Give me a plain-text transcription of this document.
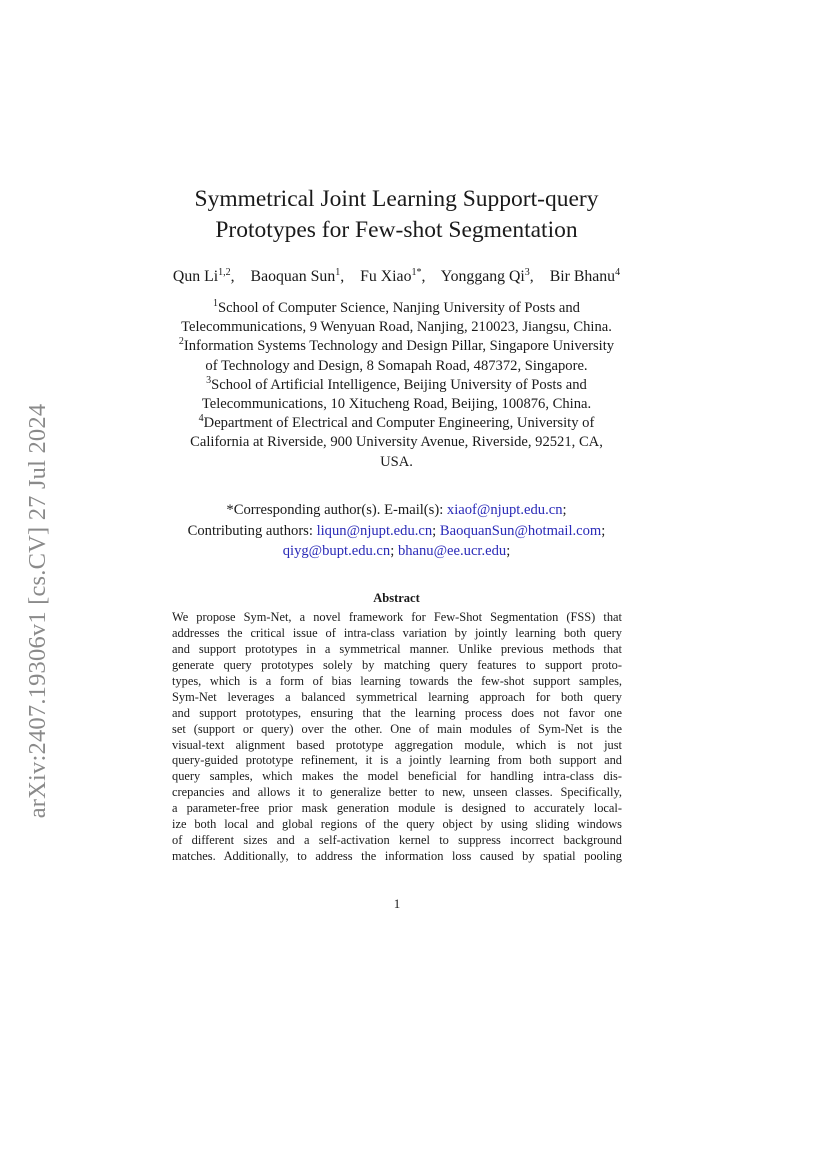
arXiv:2407.19306v1 [cs.CV] 27 Jul 2024
Symmetrical Joint Learning Support-query
Prototypes for Few-shot Segmentation
Qun Li$^{1,2}$, Baoquan Sun$^1$, Fu Xiao$^{1*}$, Yonggang Qi$^3$, Bir Bhanu$^4$
$^1$School of Computer Science, Nanjing University of Posts and
Telecommunications, 9 Wenyuan Road, Nanjing, 210023, Jiangsu, China.
$^2$Information Systems Technology and Design Pillar, Singapore University
of Technology and Design, 8 Somapah Road, 487372, Singapore.
$^3$School of Artificial Intelligence, Beijing University of Posts and
Telecommunications, 10 Xitucheng Road, Beijing, 100876, China.
$^4$Department of Electrical and Computer Engineering, University of
California at Riverside, 900 University Avenue, Riverside, 92521, CA,
USA.
*Corresponding author(s). E-mail(s): xiaof@njupt.edu.cn;
Contributing authors: liqun@njupt.edu.cn; BaoquanSun@hotmail.com;
qiyg@bupt.edu.cn; bhanu@ee.ucr.edu;
Abstract
We propose Sym-Net, a novel framework for Few-Shot Segmentation (FSS) that
addresses the critical issue of intra-class variation by jointly learning both query
and support prototypes in a symmetrical manner. Unlike previous methods that
generate query prototypes solely by matching query features to support proto-
types, which is a form of bias learning towards the few-shot support samples,
Sym-Net leverages a balanced symmetrical learning approach for both query
and support prototypes, ensuring that the learning process does not favor one
set (support or query) over the other. One of main modules of Sym-Net is the
visual-text alignment based prototype aggregation module, which is not just
query-guided prototype refinement, it is a jointly learning from both support and
query samples, which makes the model beneficial for handling intra-class dis-
crepancies and allows it to generalize better to new, unseen classes. Specifically,
a parameter-free prior mask generation module is designed to accurately local-
ize both local and global regions of the query object by using sliding windows
of different sizes and a self-activation kernel to suppress incorrect background
matches. Additionally, to address the information loss caused by spatial pooling
1
